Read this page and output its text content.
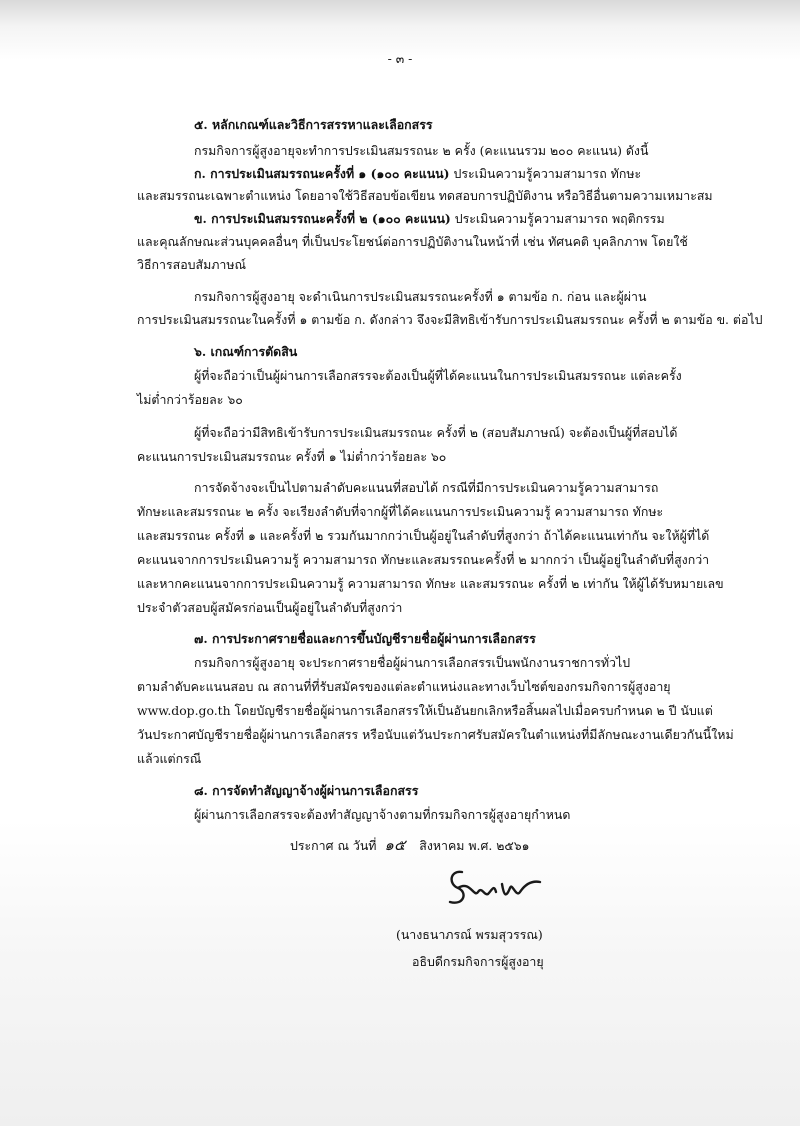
- ๓ -
๕. หลักเกณฑ์และวิธีการสรรหาและเลือกสรร
กรมกิจการผู้สูงอายุจะทำการประเมินสมรรถนะ ๒ ครั้ง (คะแนนรวม ๒๐๐ คะแนน) ดังนี้
ก. การประเมินสมรรถนะครั้งที่ ๑ (๑๐๐ คะแนน) ประเมินความรู้ความสามารถ ทักษะ
และสมรรถนะเฉพาะตำแหน่ง โดยอาจใช้วิธีสอบข้อเขียน ทดสอบการปฏิบัติงาน หรือวิธีอื่นตามความเหมาะสม
ข. การประเมินสมรรถนะครั้งที่ ๒ (๑๐๐ คะแนน) ประเมินความรู้ความสามารถ พฤติกรรม
และคุณลักษณะส่วนบุคคลอื่นๆ ที่เป็นประโยชน์ต่อการปฏิบัติงานในหน้าที่ เช่น ทัศนคติ บุคลิกภาพ โดยใช้
วิธีการสอบสัมภาษณ์
กรมกิจการผู้สูงอายุ จะดำเนินการประเมินสมรรถนะครั้งที่ ๑ ตามข้อ ก. ก่อน และผู้ผ่าน
การประเมินสมรรถนะในครั้งที่ ๑ ตามข้อ ก. ดังกล่าว จึงจะมีสิทธิเข้ารับการประเมินสมรรถนะ ครั้งที่ ๒ ตามข้อ ข. ต่อไป
๖. เกณฑ์การตัดสิน
ผู้ที่จะถือว่าเป็นผู้ผ่านการเลือกสรรจะต้องเป็นผู้ที่ได้คะแนนในการประเมินสมรรถนะ แต่ละครั้ง
ไม่ต่ำกว่าร้อยละ ๖๐
ผู้ที่จะถือว่ามีสิทธิเข้ารับการประเมินสมรรถนะ ครั้งที่ ๒ (สอบสัมภาษณ์) จะต้องเป็นผู้ที่สอบได้
คะแนนการประเมินสมรรถนะ ครั้งที่ ๑ ไม่ต่ำกว่าร้อยละ ๖๐
การจัดจ้างจะเป็นไปตามลำดับคะแนนที่สอบได้ กรณีที่มีการประเมินความรู้ความสามารถ
ทักษะและสมรรถนะ ๒ ครั้ง จะเรียงลำดับที่จากผู้ที่ได้คะแนนการประเมินความรู้ ความสามารถ ทักษะ
และสมรรถนะ ครั้งที่ ๑ และครั้งที่ ๒ รวมกันมากกว่าเป็นผู้อยู่ในลำดับที่สูงกว่า ถ้าได้คะแนนเท่ากัน จะให้ผู้ที่ได้
คะแนนจากการประเมินความรู้ ความสามารถ ทักษะและสมรรถนะครั้งที่ ๒ มากกว่า เป็นผู้อยู่ในลำดับที่สูงกว่า
และหากคะแนนจากการประเมินความรู้ ความสามารถ ทักษะ และสมรรถนะ ครั้งที่ ๒ เท่ากัน ให้ผู้ได้รับหมายเลข
ประจำตัวสอบผู้สมัครก่อนเป็นผู้อยู่ในลำดับที่สูงกว่า
๗. การประกาศรายชื่อและการขึ้นบัญชีรายชื่อผู้ผ่านการเลือกสรร
กรมกิจการผู้สูงอายุ จะประกาศรายชื่อผู้ผ่านการเลือกสรรเป็นพนักงานราชการทั่วไป
ตามลำดับคะแนนสอบ ณ สถานที่ที่รับสมัครของแต่ละตำแหน่งและทางเว็บไซต์ของกรมกิจการผู้สูงอายุ
www.dop.go.th โดยบัญชีรายชื่อผู้ผ่านการเลือกสรรให้เป็นอันยกเลิกหรือสิ้นผลไปเมื่อครบกำหนด ๒ ปี นับแต่
วันประกาศบัญชีรายชื่อผู้ผ่านการเลือกสรร หรือนับแต่วันประกาศรับสมัครในตำแหน่งที่มีลักษณะงานเดียวกันนี้ใหม่
แล้วแต่กรณี
๘. การจัดทำสัญญาจ้างผู้ผ่านการเลือกสรร
ผู้ผ่านการเลือกสรรจะต้องทำสัญญาจ้างตามที่กรมกิจการผู้สูงอายุกำหนด
ประกาศ ณ วันที่ ๑๕ สิงหาคม พ.ศ. ๒๕๖๑
(นางธนาภรณ์ พรมสุวรรณ)
อธิบดีกรมกิจการผู้สูงอายุ
